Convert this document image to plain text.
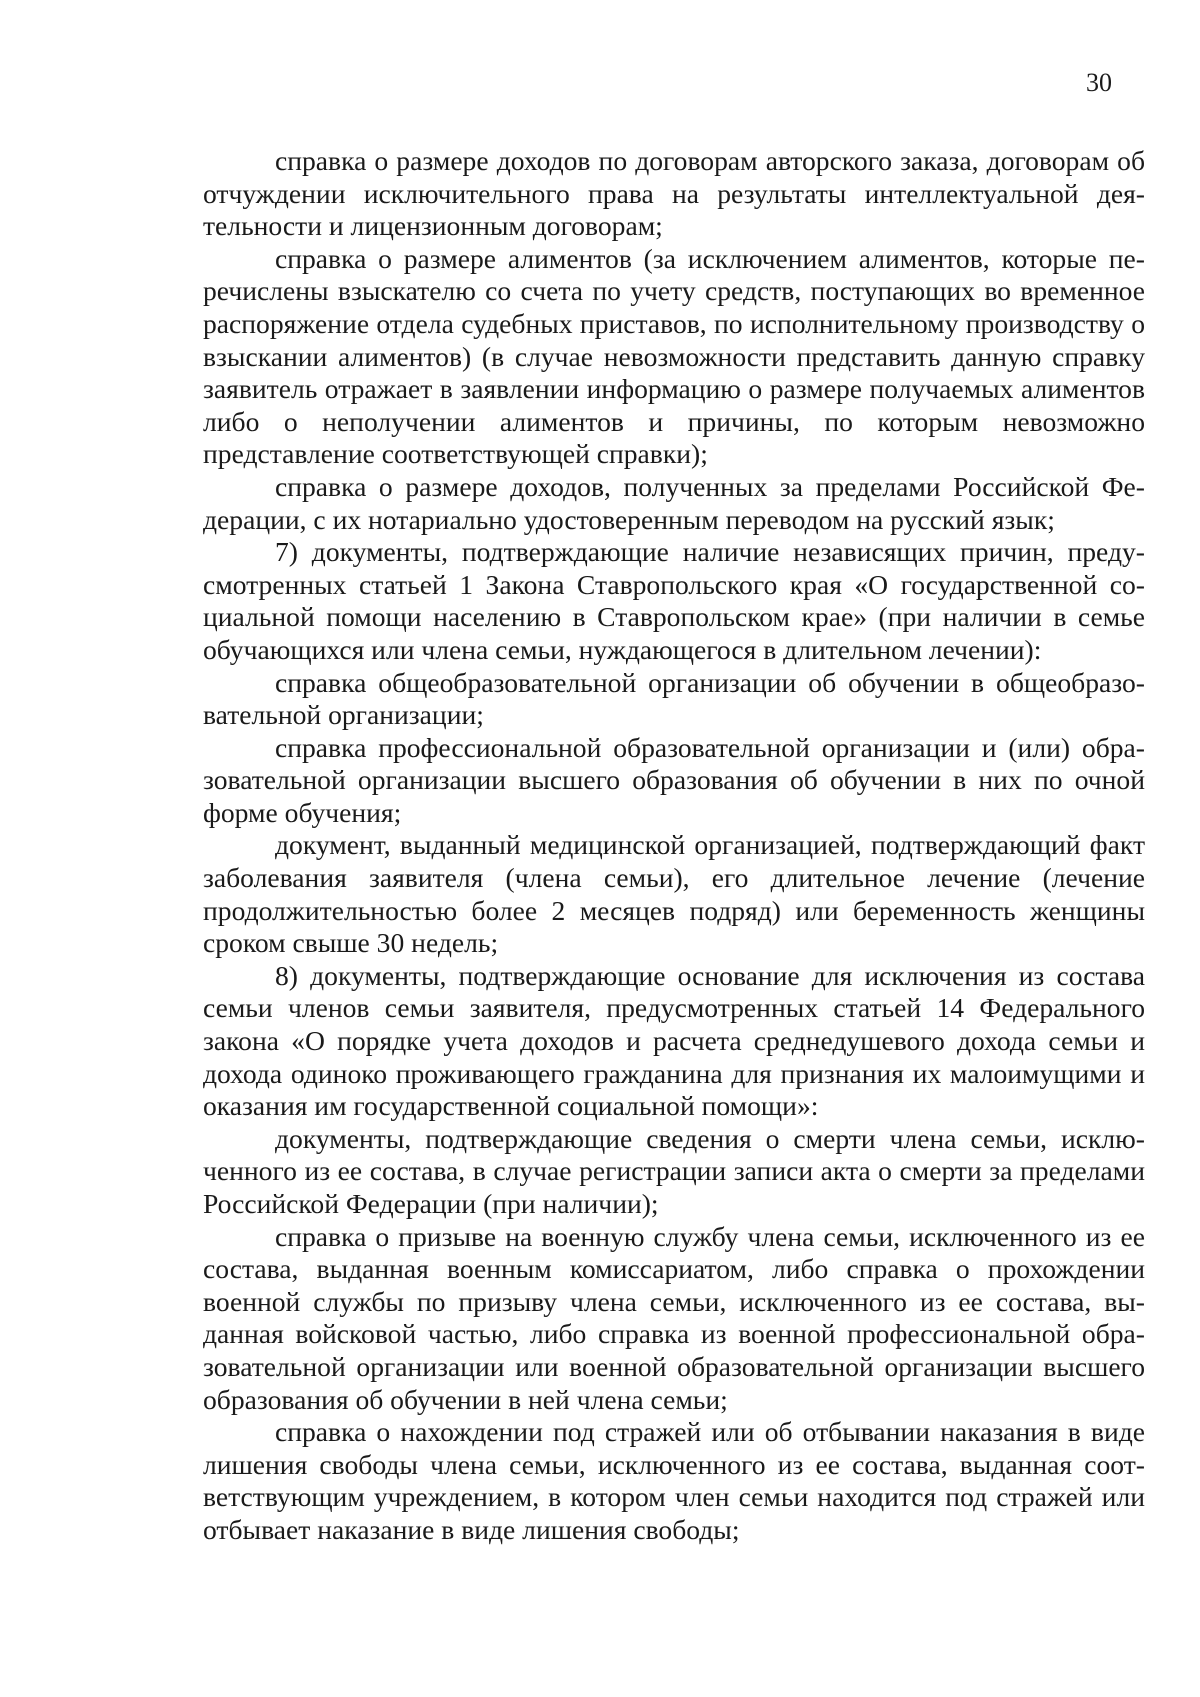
30

справка о размере доходов по договорам авторского заказа, договорам об отчуждении исключительного права на результаты интеллектуальной деятельности и лицензионным договорам;

справка о размере алиментов (за исключением алиментов, которые перечислены взыскателю со счета по учету средств, поступающих во временное распоряжение отдела судебных приставов, по исполнительному производству о взыскании алиментов) (в случае невозможности представить данную справку заявитель отражает в заявлении информацию о размере получаемых алиментов либо о неполучении алиментов и причины, по которым невозможно представление соответствующей справки);

справка о размере доходов, полученных за пределами Российской Федерации, с их нотариально удостоверенным переводом на русский язык;

7) документы, подтверждающие наличие независящих причин, предусмотренных статьей 1 Закона Ставропольского края «О государственной социальной помощи населению в Ставропольском крае» (при наличии в семье обучающихся или члена семьи, нуждающегося в длительном лечении):

справка общеобразовательной организации об обучении в общеобразовательной организации;

справка профессиональной образовательной организации и (или) образовательной организации высшего образования об обучении в них по очной форме обучения;

документ, выданный медицинской организацией, подтверждающий факт заболевания заявителя (члена семьи), его длительное лечение (лечение продолжительностью более 2 месяцев подряд) или беременность женщины сроком свыше 30 недель;

8) документы, подтверждающие основание для исключения из состава семьи членов семьи заявителя, предусмотренных статьей 14 Федерального закона «О порядке учета доходов и расчета среднедушевого дохода семьи и дохода одиноко проживающего гражданина для признания их малоимущими и оказания им государственной социальной помощи»:

документы, подтверждающие сведения о смерти члена семьи, исключенного из ее состава, в случае регистрации записи акта о смерти за пределами Российской Федерации (при наличии);

справка о призыве на военную службу члена семьи, исключенного из ее состава, выданная военным комиссариатом, либо справка о прохождении военной службы по призыву члена семьи, исключенного из ее состава, выданная войсковой частью, либо справка из военной профессиональной образовательной организации или военной образовательной организации высшего образования об обучении в ней члена семьи;

справка о нахождении под стражей или об отбывании наказания в виде лишения свободы члена семьи, исключенного из ее состава, выданная соответствующим учреждением, в котором член семьи находится под стражей или отбывает наказание в виде лишения свободы;
